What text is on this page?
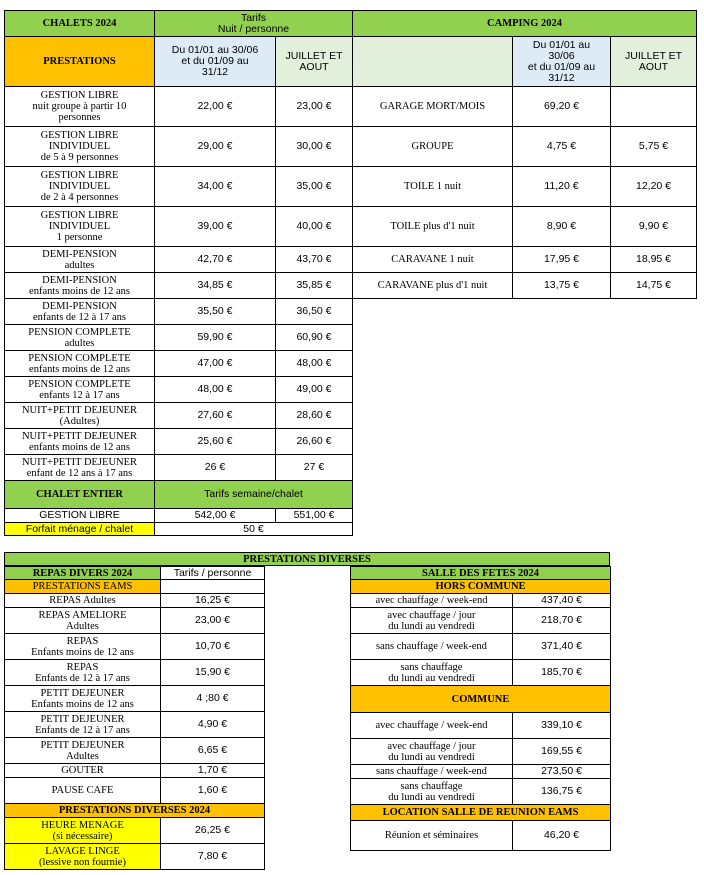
CHALETS 2024	Tarifs
Nuit / personne	
PRESTATIONS	Du 01/01 au 30/06
et du 01/09 au
31/12	JUILLET ET
AOUT
GESTION LIBRE
nuit groupe à partir 10
personnes	22,00 €	23,00 €
GESTION LIBRE
INDIVIDUEL
de 5 à 9 personnes	29,00 €	30,00 €
GESTION LIBRE
INDIVIDUEL
de 2 à 4 personnes	34,00 €	35,00 €
GESTION LIBRE
INDIVIDUEL
1 personne	39,00 €	40,00 €
DEMI-PENSION
adultes	42,70 €	43,70 €
DEMI-PENSION
enfants moins de 12 ans	34,85 €	35,85 €
DEMI-PENSION
enfants de 12 à 17 ans	35,50 €	36,50 €
PENSION COMPLETE
adultes	59,90 €	60,90 €
PENSION COMPLETE
enfants moins de 12 ans	47,00 €	48,00 €
PENSION COMPLETE
enfants 12 à 17 ans	48,00 €	49,00 €
NUIT+PETIT DEJEUNER
(Adultes)	27,60 €	28,60 €
NUIT+PETIT DEJEUNER
enfants moins de 12 ans	25,60 €	26,60 €
NUIT+PETIT DEJEUNER
enfant de 12 ans à 17 ans	26 €	27 €
CHALET ENTIER	Tarifs semaine/chalet	
GESTION LIBRE	542,00 €	551,00 €
Forfait ménage / chalet	50 €	
CAMPING 2024		
	Du 01/01 au
30/06
et du 01/09 au
31/12	JUILLET ET
AOUT
GARAGE MORT/MOIS	69,20 €	
GROUPE	4,75 €	5,75 €
TOILE 1 nuit	11,20 €	12,20 €
TOILE plus d'1 nuit	8,90 €	9,90 €
CARAVANE 1 nuit	17,95 €	18,95 €
CARAVANE plus d'1 nuit	13,75 €	14,75 €
PRESTATIONS DIVERSES
REPAS DIVERS 2024	Tarifs / personne
PRESTATIONS EAMS	
REPAS Adultes	16,25 €
REPAS AMELIORE
Adultes	23,00 €
REPAS
Enfants moins de 12 ans	10,70 €
REPAS
Enfants de 12 à 17 ans	15,90 €
PETIT DEJEUNER
Enfants moins de 12 ans	4 ;80 €
PETIT DEJEUNER
Enfants de 12 à 17 ans	4,90 €
PETIT DEJEUNER
Adultes	6,65 €
GOUTER	1,70 €
PAUSE CAFE	1,60 €
PRESTATIONS DIVERSES 2024	
HEURE MENAGE
(si nécessaire)	26,25 €
LAVAGE LINGE
(lessive non fournie)	7,80 €
SALLE DES FETES 2024	
HORS COMMUNE	
avec chauffage / week-end	437,40 €
avec chauffage / jour
du lundi au vendredi	218,70 €
sans chauffage / week-end	371,40 €
sans chauffage
du lundi au vendredi	185,70 €
COMMUNE	
avec chauffage / week-end	339,10 €
avec chauffage / jour
du lundi au vendredi	169,55 €
sans chauffage / week-end	273,50 €
sans chauffage
du lundi au vendredi	136,75 €
LOCATION SALLE DE REUNION EAMS	
Réunion et séminaires	46,20 €
